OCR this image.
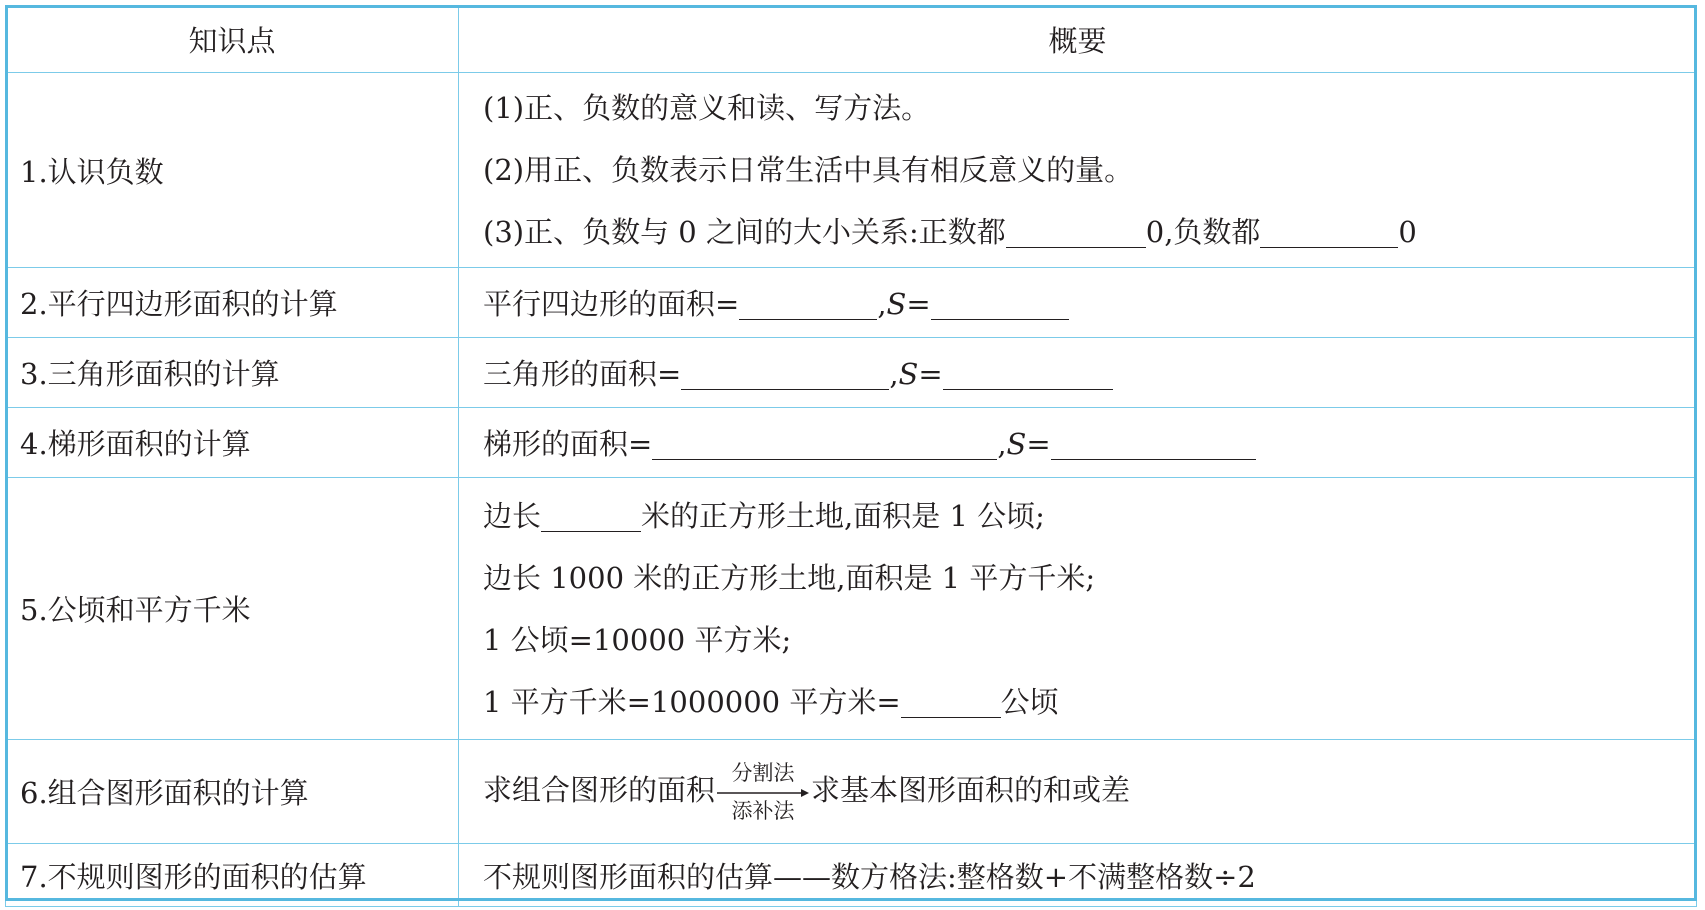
知识点	概要
1.认识负数	(1)正、负数的意义和读、写方法。
(2)用正、负数表示日常生活中具有相反意义的量。
(3)正、负数与 0 之间的大小关系:正数都 0,负数都 0

2.平行四边形面积的计算	平行四边形的面积= ,S=
3.三角形面积的计算	三角形的面积= ,S=
4.梯形面积的计算	梯形的面积= ,S=
5.公顷和平方千米	边长 米的正方形土地,面积是 1 公顷;
边长 1000 米的正方形土地,面积是 1 平方千米;
1 公顷=10000 平方米;
1 平方千米=1000000 平方米= 公顷

6.组合图形面积的计算	求组合图形的面积 分割法
添补法
求基本图形面积的和或差
7.不规则图形的面积的估算	不规则图形面积的估算——数方格法:整格数+不满整格数÷2
